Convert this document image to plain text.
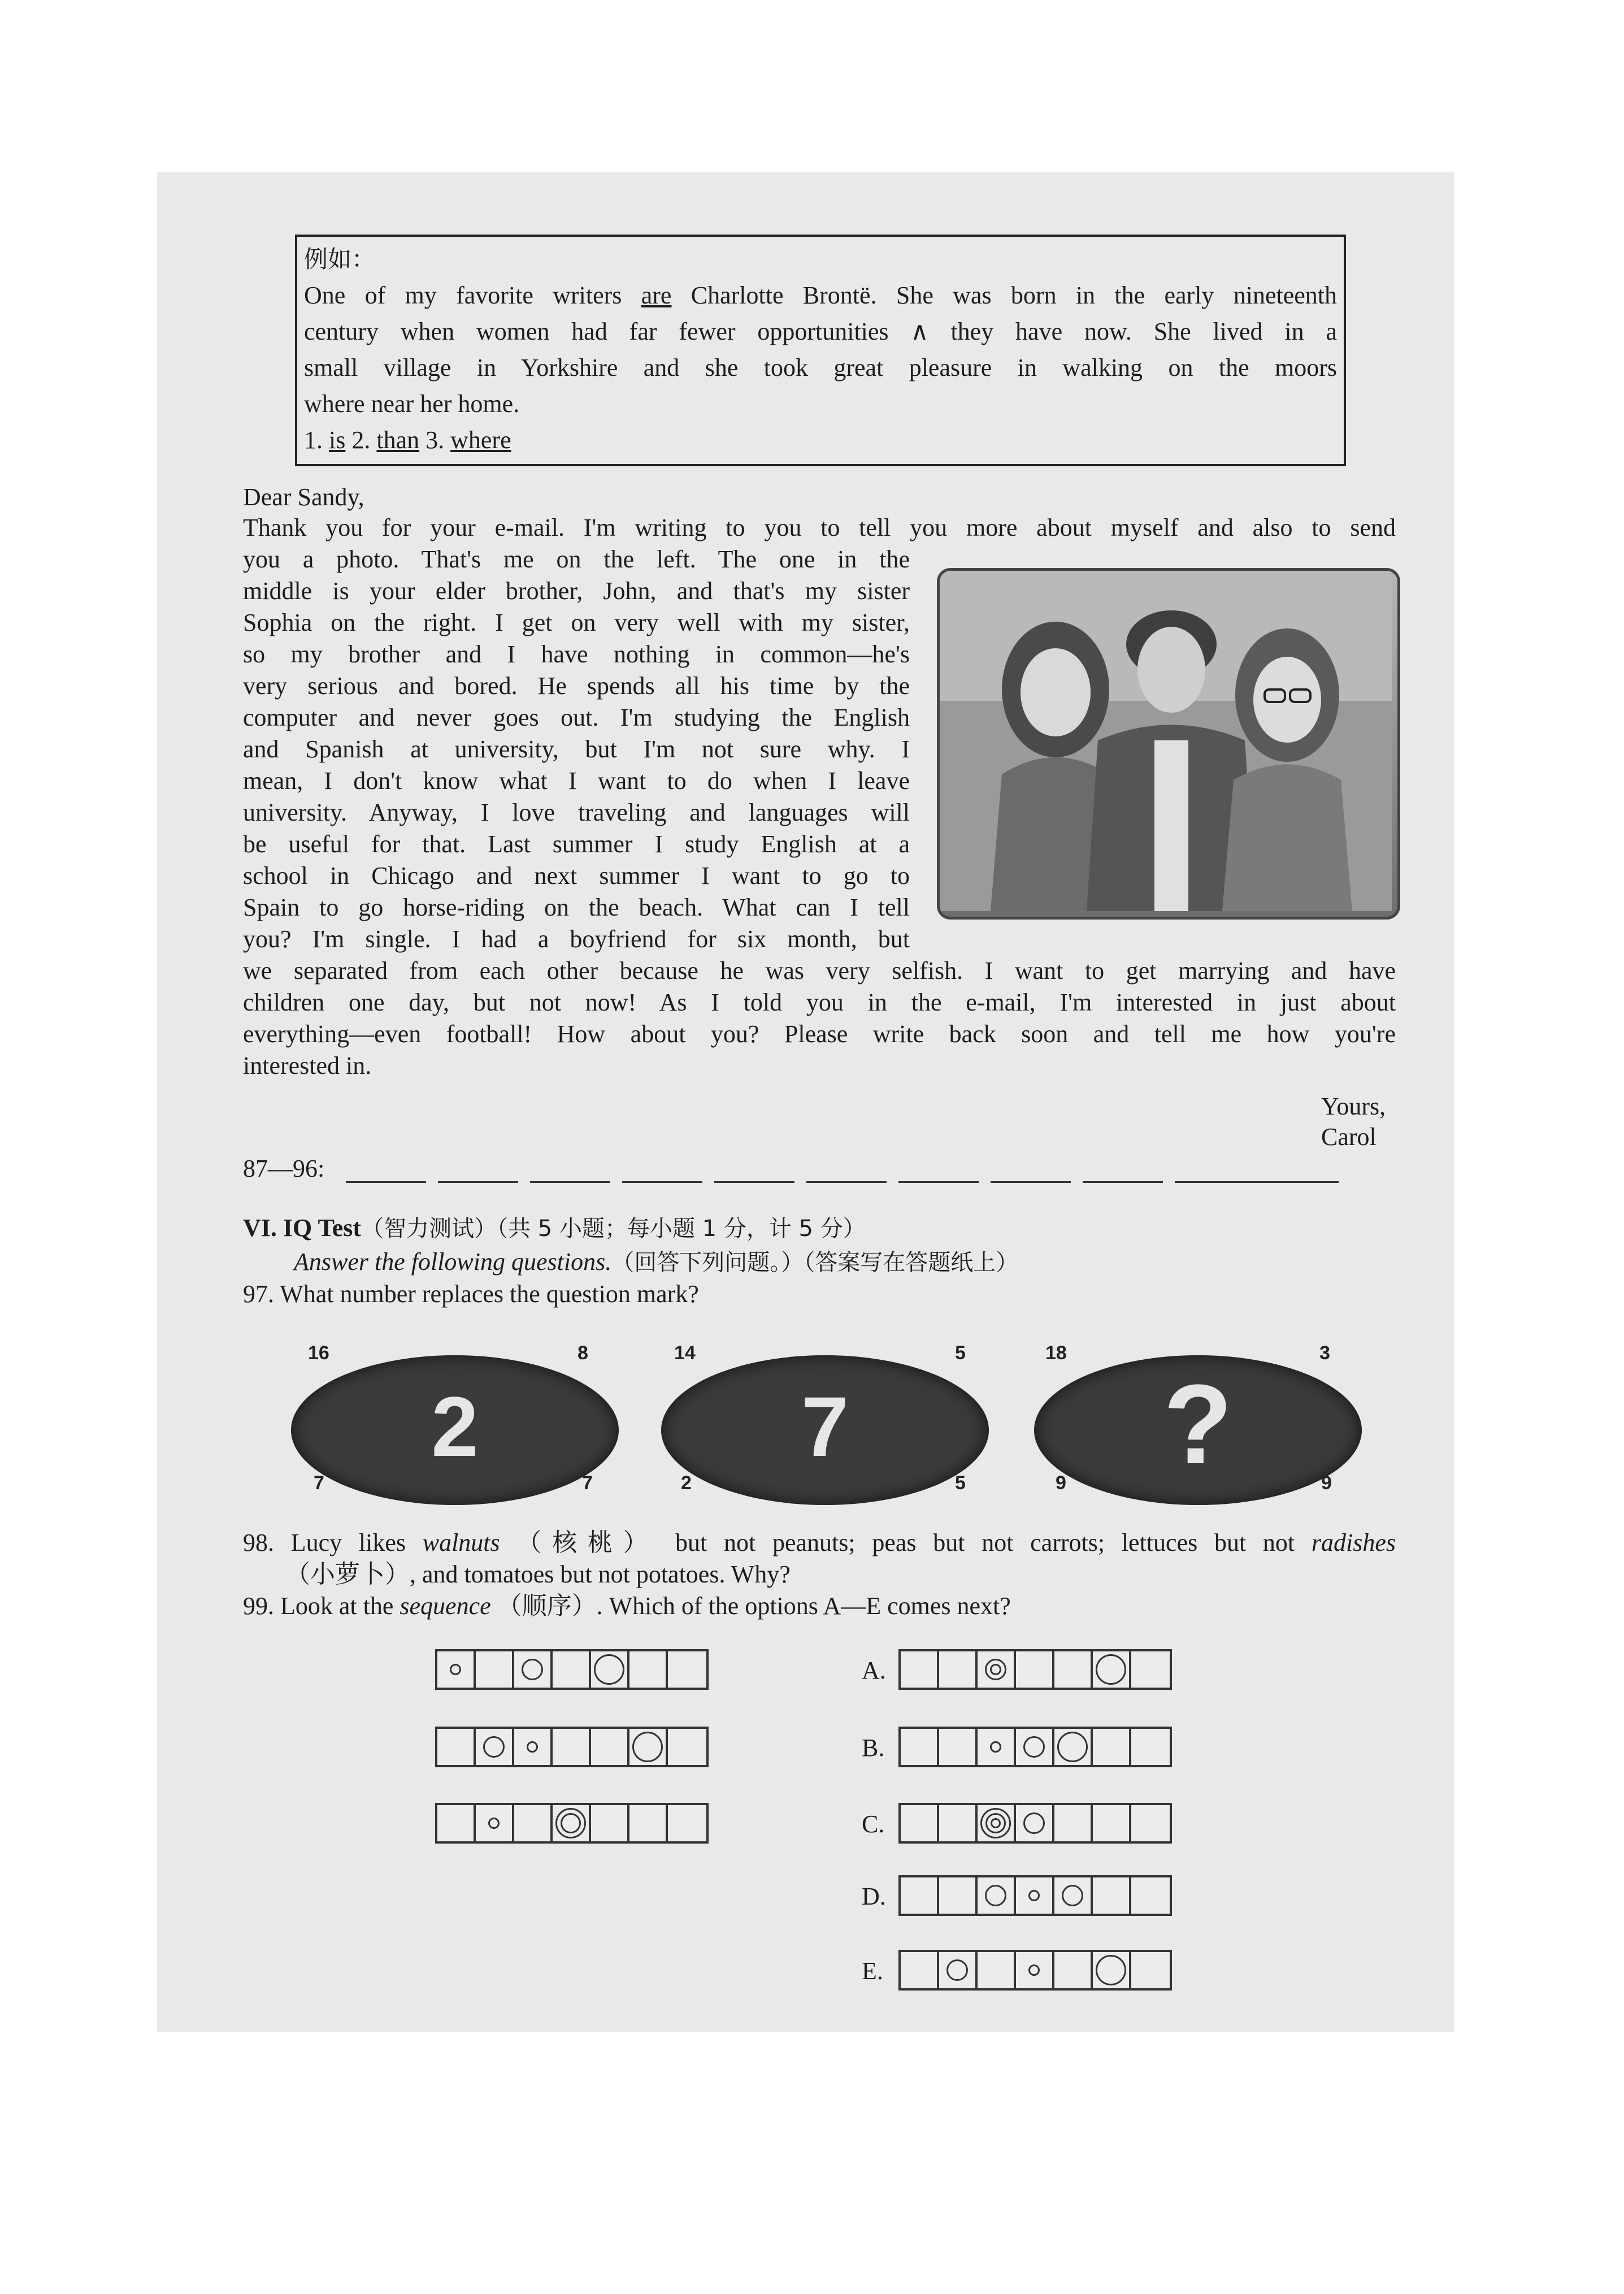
例如：
One of my favorite writers are Charlotte Brontë. She was born in the early nineteenth
century when women had far fewer opportunities ∧ they have now. She lived in a
small village in Yorkshire and she took great pleasure in walking on the moors
where near her home.
1. is 2. than 3. where
Dear Sandy,
Thank you for your e-mail. I'm writing to you to tell you more about myself and also to send
you a photo. That's me on the left. The one in the
middle is your elder brother, John, and that's my sister
Sophia on the right. I get on very well with my sister,
so my brother and I have nothing in common—he's
very serious and bored. He spends all his time by the
computer and never goes out. I'm studying the English
and Spanish at university, but I'm not sure why. I
mean, I don't know what I want to do when I leave
university. Anyway, I love traveling and languages will
be useful for that. Last summer I study English at a
school in Chicago and next summer I want to go to
Spain to go horse-riding on the beach. What can I tell
you? I'm single. I had a boyfriend for six month, but
we separated from each other because he was very selfish. I want to get marrying and have
children one day, but not now! As I told you in the e-mail, I'm interested in just about
everything—even football! How about you? Please write back soon and tell me how you're
interested in.
Yours,
Carol
87—96:
VI. IQ Test（智力测试）（共 5 小题；每小题 1 分，计 5 分）
Answer the following questions.（回答下列问题。）（答案写在答题纸上）
97. What number replaces the question mark?
16	8
7	7
2
14	5
2	5
7
18	3
9	9
?
98. Lucy likes walnuts （核桃） but not peanuts; peas but not carrots; lettuces but not radishes
（小萝卜）, and tomatoes but not potatoes. Why?
99. Look at the sequence （顺序）. Which of the options A—E comes next?
A.
B.
C.
D.
E.
